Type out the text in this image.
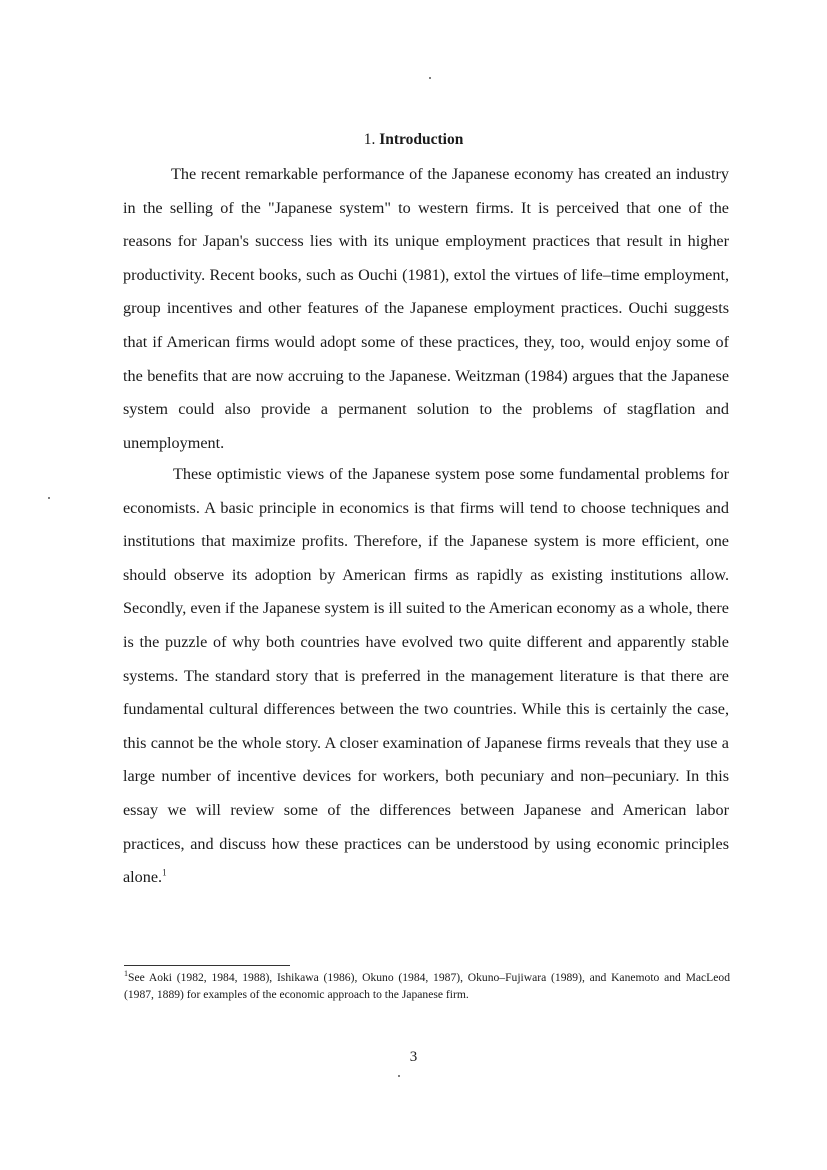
1. Introduction

The recent remarkable performance of the Japanese economy has created an industry in the selling of the "Japanese system" to western firms. It is perceived that one of the reasons for Japan's success lies with its unique employment practices that result in higher productivity. Recent books, such as Ouchi (1981), extol the virtues of life–time employment, group incentives and other features of the Japanese employment practices. Ouchi suggests that if American firms would adopt some of these practices, they, too, would enjoy some of the benefits that are now accruing to the Japanese. Weitzman (1984) argues that the Japanese system could also provide a permanent solution to the problems of stagflation and unemployment.

These optimistic views of the Japanese system pose some fundamental problems for economists. A basic principle in economics is that firms will tend to choose techniques and institutions that maximize profits. Therefore, if the Japanese system is more efficient, one should observe its adoption by American firms as rapidly as existing institutions allow. Secondly, even if the Japanese system is ill suited to the American economy as a whole, there is the puzzle of why both countries have evolved two quite different and apparently stable systems. The standard story that is preferred in the management literature is that there are fundamental cultural differences between the two countries. While this is certainly the case, this cannot be the whole story. A closer examination of Japanese firms reveals that they use a large number of incentive devices for workers, both pecuniary and non–pecuniary. In this essay we will review some of the differences between Japanese and American labor practices, and discuss how these practices can be understood by using economic principles alone.$^1$

$^1$See Aoki (1982, 1984, 1988), Ishikawa (1986), Okuno (1984, 1987), Okuno–Fujiwara (1989), and Kanemoto and MacLeod (1987, 1889) for examples of the economic approach to the Japanese firm.

3
